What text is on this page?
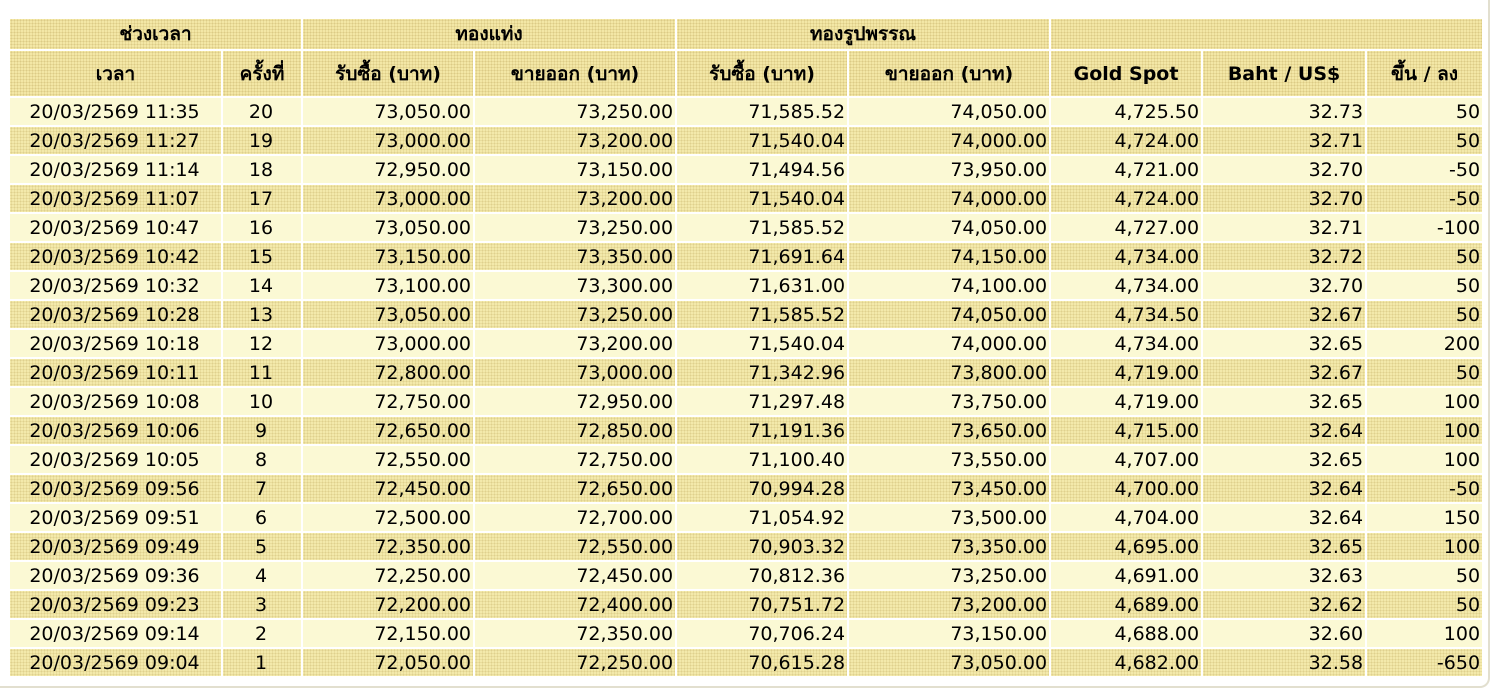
ช่วงเวลา		ทองแท่ง		ทองรูปพรรณ				
เวลา	ครั้งที่	รับซื้อ (บาท)	ขายออก (บาท)	รับซื้อ (บาท)	ขายออก (บาท)	Gold Spot	Baht / US$	ขึ้น / ลง
20/03/2569 11:35	20	73,050.00	73,250.00	71,585.52	74,050.00	4,725.50	32.73	50
20/03/2569 11:27	19	73,000.00	73,200.00	71,540.04	74,000.00	4,724.00	32.71	50
20/03/2569 11:14	18	72,950.00	73,150.00	71,494.56	73,950.00	4,721.00	32.70	-50
20/03/2569 11:07	17	73,000.00	73,200.00	71,540.04	74,000.00	4,724.00	32.70	-50
20/03/2569 10:47	16	73,050.00	73,250.00	71,585.52	74,050.00	4,727.00	32.71	-100
20/03/2569 10:42	15	73,150.00	73,350.00	71,691.64	74,150.00	4,734.00	32.72	50
20/03/2569 10:32	14	73,100.00	73,300.00	71,631.00	74,100.00	4,734.00	32.70	50
20/03/2569 10:28	13	73,050.00	73,250.00	71,585.52	74,050.00	4,734.50	32.67	50
20/03/2569 10:18	12	73,000.00	73,200.00	71,540.04	74,000.00	4,734.00	32.65	200
20/03/2569 10:11	11	72,800.00	73,000.00	71,342.96	73,800.00	4,719.00	32.67	50
20/03/2569 10:08	10	72,750.00	72,950.00	71,297.48	73,750.00	4,719.00	32.65	100
20/03/2569 10:06	9	72,650.00	72,850.00	71,191.36	73,650.00	4,715.00	32.64	100
20/03/2569 10:05	8	72,550.00	72,750.00	71,100.40	73,550.00	4,707.00	32.65	100
20/03/2569 09:56	7	72,450.00	72,650.00	70,994.28	73,450.00	4,700.00	32.64	-50
20/03/2569 09:51	6	72,500.00	72,700.00	71,054.92	73,500.00	4,704.00	32.64	150
20/03/2569 09:49	5	72,350.00	72,550.00	70,903.32	73,350.00	4,695.00	32.65	100
20/03/2569 09:36	4	72,250.00	72,450.00	70,812.36	73,250.00	4,691.00	32.63	50
20/03/2569 09:23	3	72,200.00	72,400.00	70,751.72	73,200.00	4,689.00	32.62	50
20/03/2569 09:14	2	72,150.00	72,350.00	70,706.24	73,150.00	4,688.00	32.60	100
20/03/2569 09:04	1	72,050.00	72,250.00	70,615.28	73,050.00	4,682.00	32.58	-650
